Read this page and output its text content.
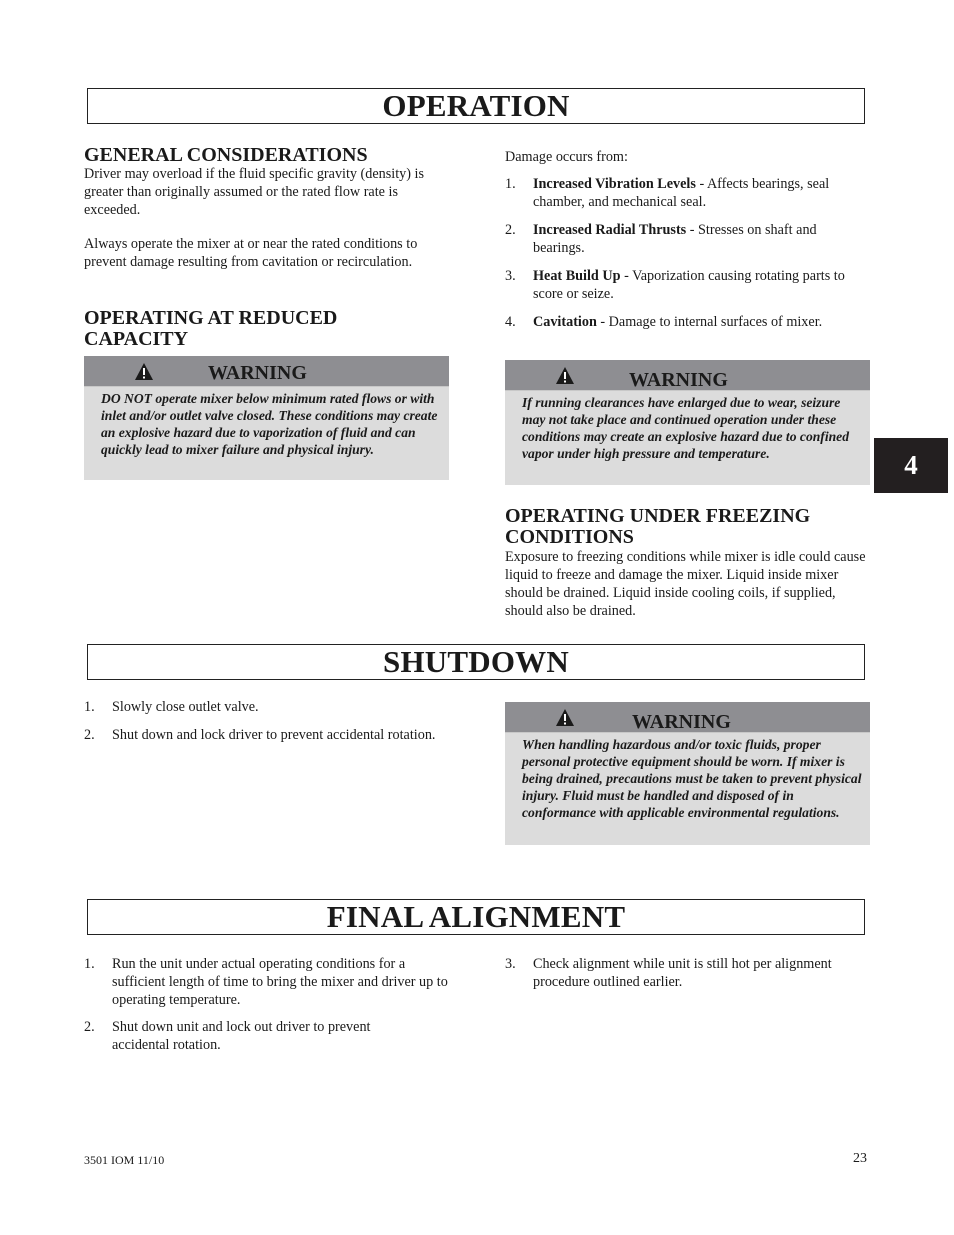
OPERATION
GENERAL CONSIDERATIONS
Driver may overload if the fluid specific gravity (density) is greater than originally assumed or the rated flow rate is exceeded.
Always operate the mixer at or near the rated conditions to prevent damage resulting from cavitation or recirculation.
OPERATING AT REDUCED CAPACITY
WARNING
DO NOT operate mixer below minimum rated flows or with inlet and/or outlet valve closed. These conditions may create an explosive hazard due to vaporization of fluid and can quickly lead to mixer failure and physical injury.
Damage occurs from:
1.	Increased Vibration Levels - Affects bearings, seal chamber, and mechanical seal.
2.	Increased Radial Thrusts - Stresses on shaft and bearings.
3.	Heat Build Up - Vaporization causing rotating parts to score or seize.
4.	Cavitation - Damage to internal surfaces of mixer.
WARNING
If running clearances have enlarged due to wear, seizure may not take place and continued operation under these conditions may create an explosive hazard due to confined vapor under high pressure and temperature.
OPERATING UNDER FREEZING CONDITIONS
Exposure to freezing conditions while mixer is idle could cause liquid to freeze and damage the mixer. Liquid inside mixer should be drained. Liquid inside cooling coils, if supplied, should also be drained.
4
SHUTDOWN
1.	Slowly close outlet valve.
2.	Shut down and lock driver to prevent accidental rotation.
WARNING
When handling hazardous and/or toxic fluids, proper personal protective equipment should be worn. If mixer is being drained, precautions must be taken to prevent physical injury. Fluid must be handled and disposed of in conformance with applicable environmental regulations.
FINAL ALIGNMENT
1.	Run the unit under actual operating conditions for a sufficient length of time to bring the mixer and driver up to operating temperature.
2.	Shut down unit and lock out driver to prevent accidental rotation.
3.	Check alignment while unit is still hot per alignment procedure outlined earlier.
3501 IOM 11/10	23
